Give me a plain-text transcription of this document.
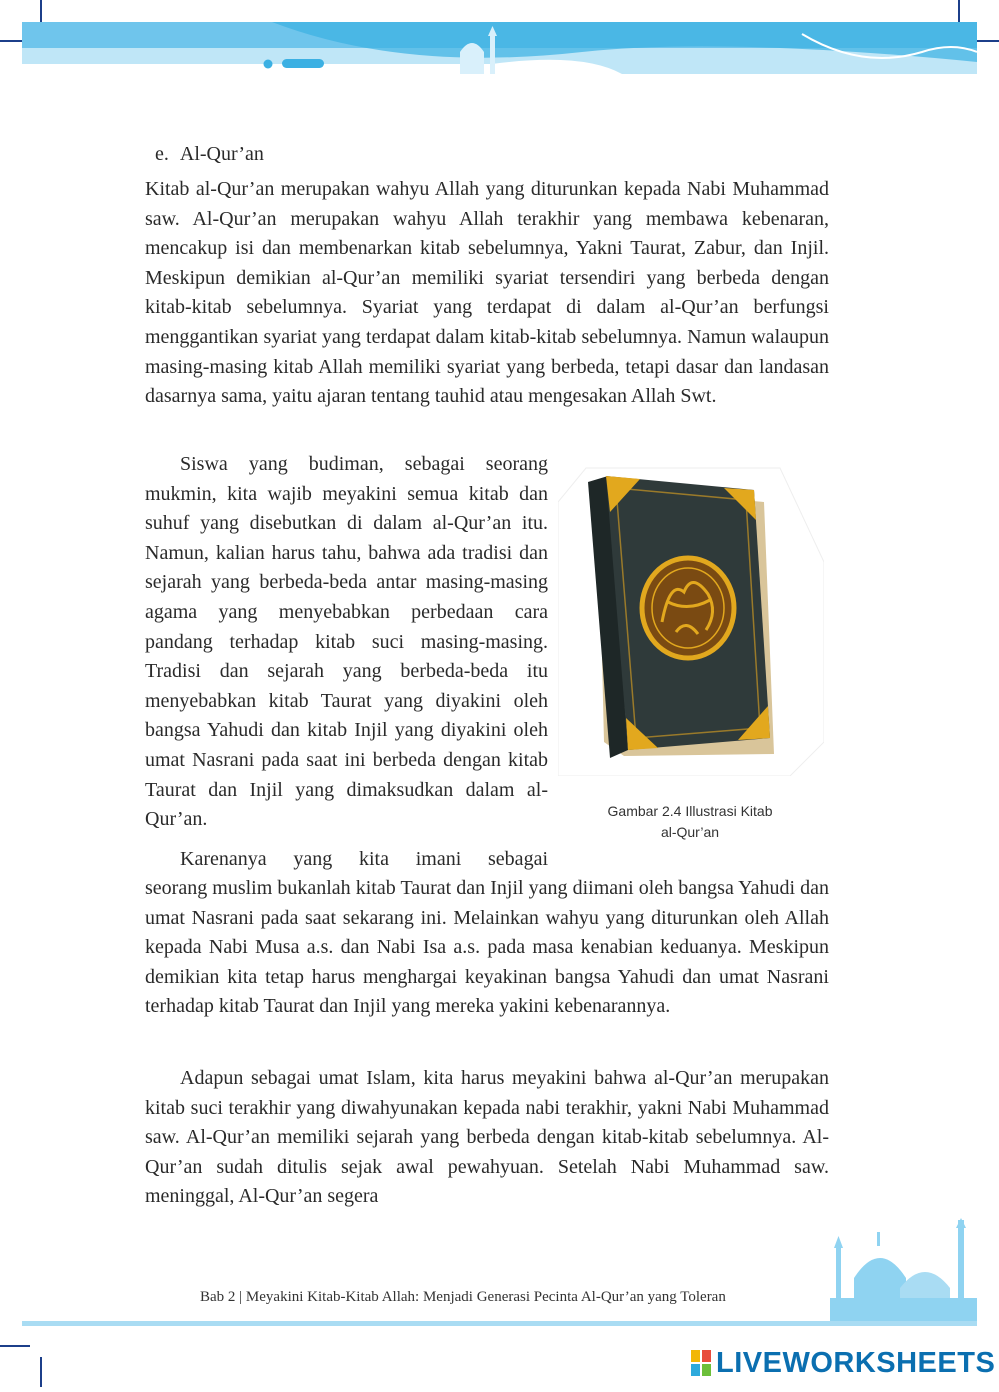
e. Al-Qur’an

Kitab al-Qur’an merupakan wahyu Allah yang diturunkan kepada Nabi Muhammad saw. Al-Qur’an merupakan wahyu Allah terakhir yang membawa kebenaran, mencakup isi dan membenarkan kitab sebelumnya, Yakni Taurat, Zabur, dan Injil. Meskipun demikian al-Qur’an memiliki syariat tersendiri yang berbeda dengan kitab-kitab sebelumnya. Syariat yang terdapat di dalam al-Qur’an berfungsi menggantikan syariat yang terdapat dalam kitab-kitab sebelumnya. Namun walaupun masing-masing kitab Allah memiliki syariat yang berbeda, tetapi dasar dan landasan dasarnya sama, yaitu ajaran tentang tauhid atau mengesakan Allah Swt.

Siswa yang budiman, sebagai seorang mukmin, kita wajib meyakini semua kitab dan suhuf yang disebutkan di dalam al-Qur’an itu. Namun, kalian harus tahu, bahwa ada tradisi dan sejarah yang berbeda-beda antar masing-masing agama yang menyebabkan perbedaan cara pandang terhadap kitab suci masing-masing. Tradisi dan sejarah yang berbeda-beda itu menyebabkan kitab Taurat yang diyakini oleh bangsa Yahudi dan kitab Injil yang diyakini oleh umat Nasrani pada saat ini berbeda dengan kitab Taurat dan Injil yang dimaksudkan dalam al-Qur’an.

Karenanya yang kita imani sebagai

seorang muslim bukanlah kitab Taurat dan Injil yang diimani oleh bangsa Yahudi dan umat Nasrani pada saat sekarang ini. Melainkan wahyu yang diturunkan oleh Allah kepada Nabi Musa a.s. dan Nabi Isa a.s. pada masa kenabian keduanya. Meskipun demikian kita tetap harus menghargai keyakinan bangsa Yahudi dan umat Nasrani terhadap kitab Taurat dan Injil yang mereka yakini kebenarannya.

Adapun sebagai umat Islam, kita harus meyakini bahwa al-Qur’an merupakan kitab suci terakhir yang diwahyunakan kepada nabi terakhir, yakni Nabi Muhammad saw. Al-Qur’an memiliki sejarah yang berbeda dengan kitab-kitab sebelumnya. Al-Qur’an sudah ditulis sejak awal pewahyuan. Setelah Nabi Muhammad saw. meninggal, Al-Qur’an segera

Gambar 2.4 Illustrasi Kitab
al-Qur’an
Bab 2 | Meyakini Kitab-Kitab Allah: Menjadi Generasi Pecinta Al-Qur’an yang Toleran
LIVEWORKSHEETS
